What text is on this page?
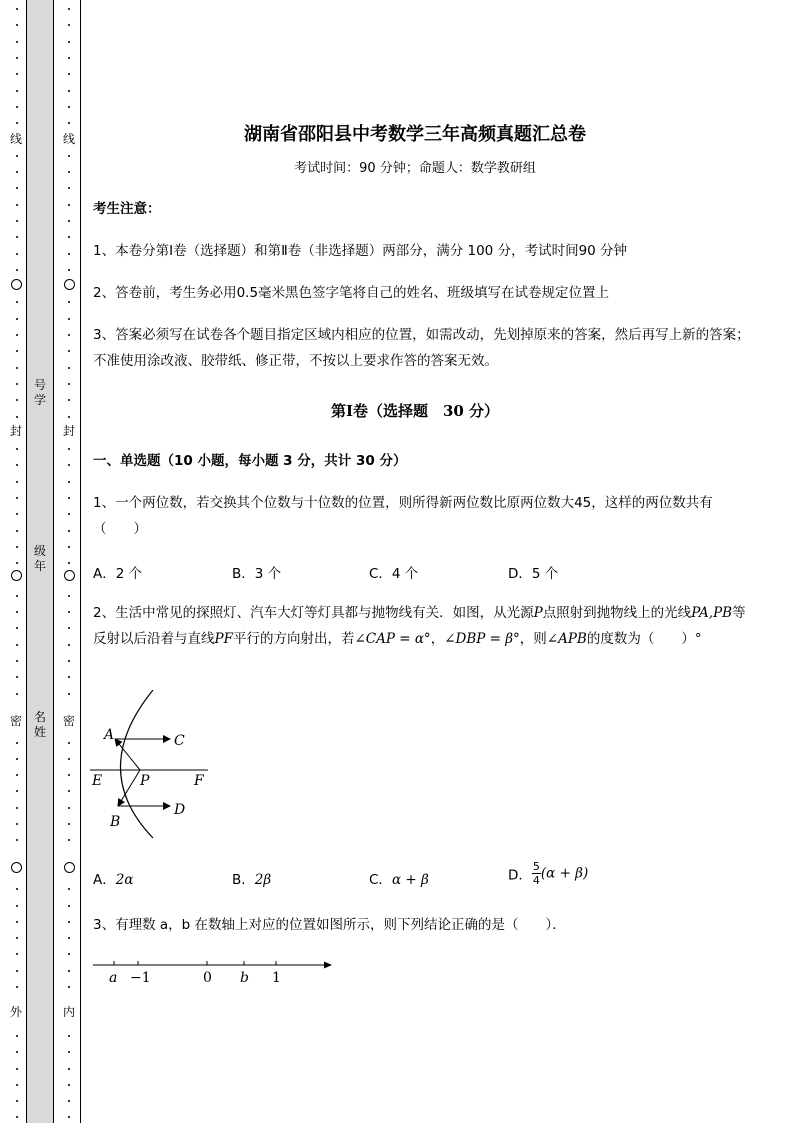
线
封
密
外
线
封
密
内
号
学
级
年
名
姓
湖南省邵阳县中考数学三年高频真题汇总卷
考试时间：90 分钟；命题人：数学教研组
考生注意：
1、本卷分第Ⅰ卷（选择题）和第Ⅱ卷（非选择题）两部分，满分 100 分，考试时间90 分钟
2、答卷前，考生务必用0.5毫米黑色签字笔将自己的姓名、班级填写在试卷规定位置上
3、答案必须写在试卷各个题目指定区域内相应的位置，如需改动，先划掉原来的答案，然后再写上新的答案；不准使用涂改液、胶带纸、修正带，不按以上要求作答的答案无效。
第Ⅰ卷（选择题　30 分）
一、单选题（10 小题，每小题 3 分，共计 30 分）
1、一个两位数，若交换其个位数与十位数的位置，则所得新两位数比原两位数大45，这样的两位数共有（　　）
A．2 个	B．3 个	C．4 个	D．5 个
2、生活中常见的探照灯、汽车大灯等灯具都与抛物线有关．如图，从光源P点照射到抛物线上的光线PA,PB等反射以后沿着与直线PF平行的方向射出，若∠CAP = α°，∠DBP = β°，则∠APB的度数为（　　）°
A	C
E	P	F
D
B
A．2α	B．2β	C．α + β	D． $\frac{5}{4} (\alpha + \beta)$
3、有理数 a，b 在数轴上对应的位置如图所示，则下列结论正确的是（　　）．
a −1	0 b 1
